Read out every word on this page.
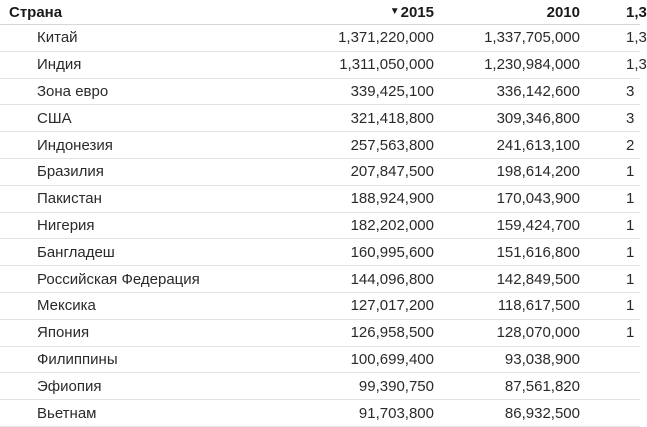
Страна	▼ 2015	2010	1,3
Китай	1,371,220,000	1,337,705,000	1,3
Индия	1,311,050,000	1,230,984,000	1,3
Зона евро	339,425,100	336,142,600	3
США	321,418,800	309,346,800	3
Индонезия	257,563,800	241,613,100	2
Бразилия	207,847,500	198,614,200	1
Пакистан	188,924,900	170,043,900	1
Нигерия	182,202,000	159,424,700	1
Бангладеш	160,995,600	151,616,800	1
Российская Федерация	144,096,800	142,849,500	1
Мексика	127,017,200	118,617,500	1
Япония	126,958,500	128,070,000	1
Филиппины	100,699,400	93,038,900
Эфиопия	99,390,750	87,561,820
Вьетнам	91,703,800	86,932,500
